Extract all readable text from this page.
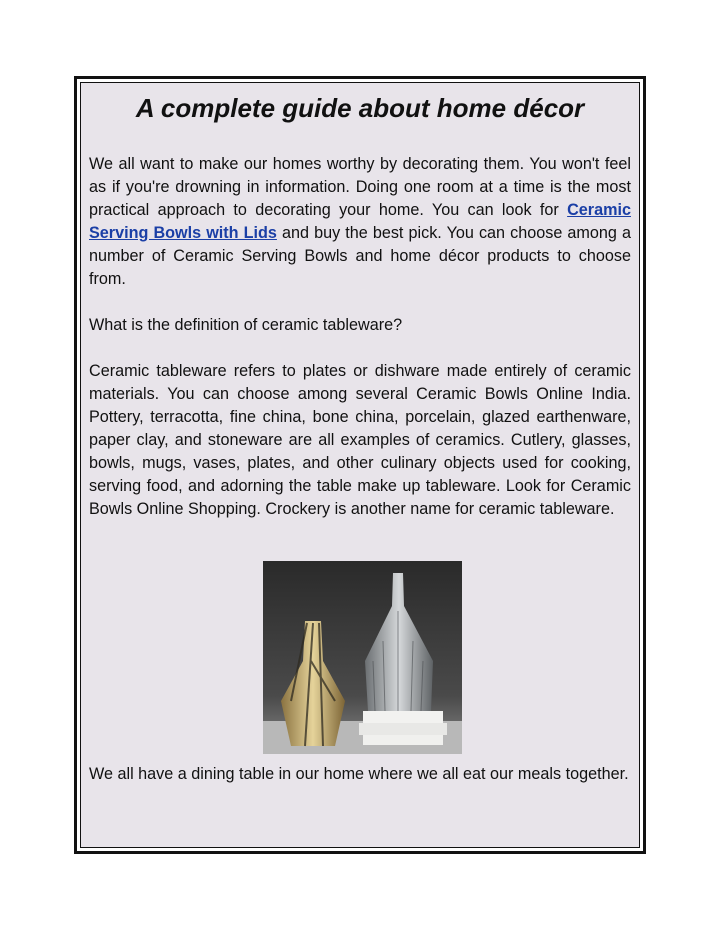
A complete guide about home décor

We all want to make our homes worthy by decorating them. You won't feel as if you're drowning in information. Doing one room at a time is the most practical approach to decorating your home. You can look for Ceramic Serving Bowls with Lids and buy the best pick. You can choose among a number of Ceramic Serving Bowls and home décor products to choose from.

What is the definition of ceramic tableware?

Ceramic tableware refers to plates or dishware made entirely of ceramic materials. You can choose among several Ceramic Bowls Online India. Pottery, terracotta, fine china, bone china, porcelain, glazed earthenware, paper clay, and stoneware are all examples of ceramics. Cutlery, glasses, bowls, mugs, vases, plates, and other culinary objects used for cooking, serving food, and adorning the table make up tableware. Look for Ceramic Bowls Online Shopping. Crockery is another name for ceramic tableware.

We all have a dining table in our home where we all eat our meals together.
